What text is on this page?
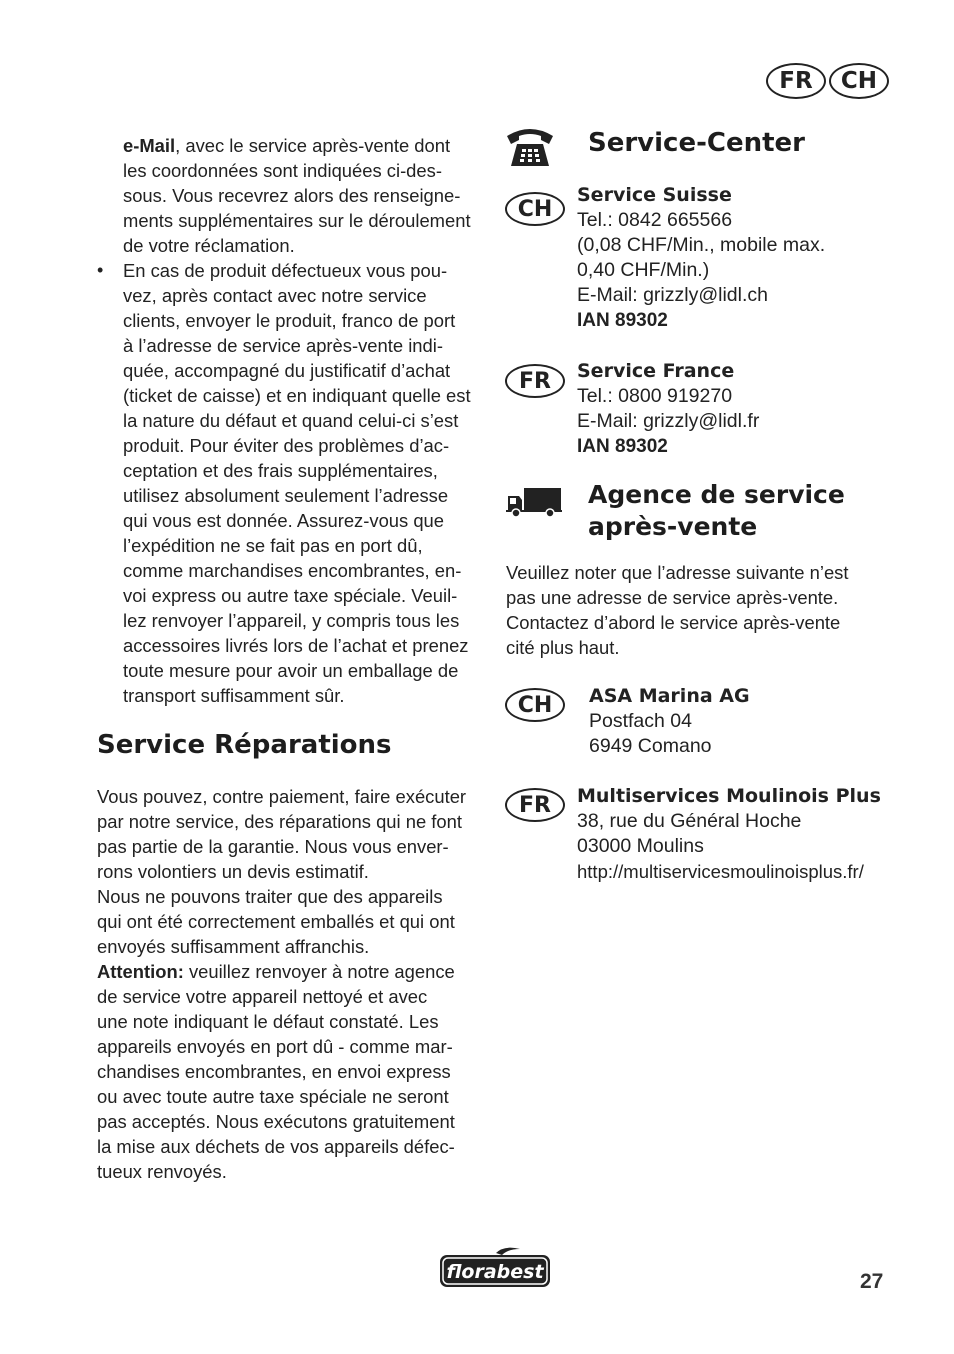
FR	CH
e-Mail, avec le service après-vente dont
les coordonnées sont indiquées ci-des-
sous. Vous recevrez alors des renseigne-
ments supplémentaires sur le déroulement
de votre réclamation.
• En cas de produit défectueux vous pou-
vez, après contact avec notre service
clients, envoyer le produit, franco de port
à l’adresse de service après-vente indi-
quée, accompagné du justificatif d’achat
(ticket de caisse) et en indiquant quelle est
la nature du défaut et quand celui-ci s’est
produit. Pour éviter des problèmes d’ac-
ceptation et des frais supplémentaires,
utilisez absolument seulement l’adresse
qui vous est donnée. Assurez-vous que
l’expédition ne se fait pas en port dû,
comme marchandises encombrantes, en-
voi express ou autre taxe spéciale. Veuil-
lez renvoyer l’appareil, y compris tous les
accessoires livrés lors de l’achat et prenez
toute mesure pour avoir un emballage de
transport suffisamment sûr.
Service Réparations
Vous pouvez, contre paiement, faire exécuter
par notre service, des réparations qui ne font
pas partie de la garantie. Nous vous enver-
rons volontiers un devis estimatif.
Nous ne pouvons traiter que des appareils
qui ont été correctement emballés et qui ont
envoyés suffisamment affranchis.
Attention: veuillez renvoyer à notre agence
de service votre appareil nettoyé et avec
une note indiquant le défaut constaté. Les
appareils envoyés en port dû - comme mar-
chandises encombrantes, en envoi express
ou avec toute autre taxe spéciale ne seront
pas acceptés. Nous exécutons gratuitement
la mise aux déchets de vos appareils défec-
tueux renvoyés.
Service-Center
CH
Service Suisse
Tel.: 0842 665566
(0,08 CHF/Min., mobile max.
0,40 CHF/Min.)
E-Mail: grizzly@lidl.ch
IAN 89302
FR	Service France
Tel.: 0800 919270
E-Mail: grizzly@lidl.fr
IAN 89302
Agence de service
après-vente
Veuillez noter que l’adresse suivante n’est
pas une adresse de service après-vente.
Contactez d’abord le service après-vente
cité plus haut.
CH	ASA Marina AG
Postfach 04
6949 Comano
FR	Multiservices Moulinois Plus
38, rue du Général Hoche
03000 Moulins
http://multiservicesmoulinoisplus.fr/
florabest	27
